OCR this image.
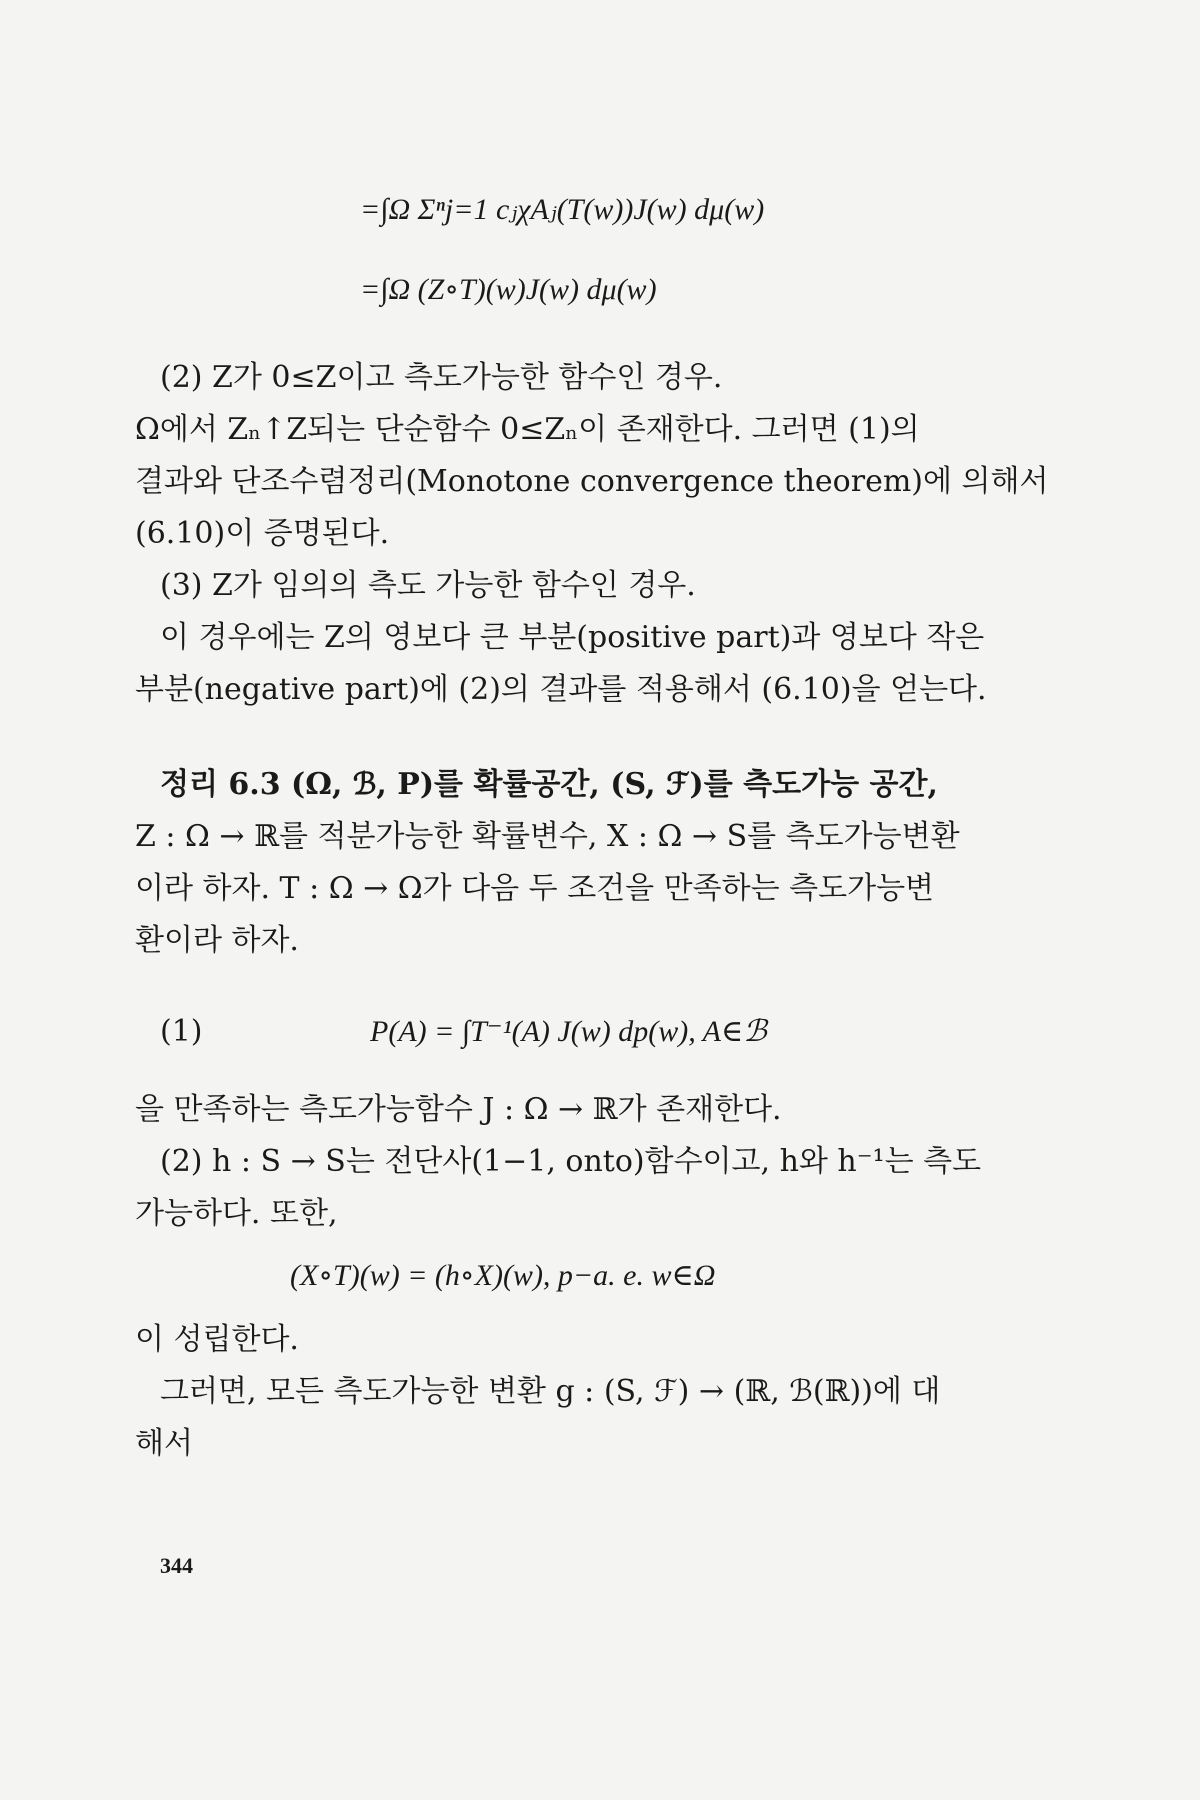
=∫Ω Σⁿj=1 cⱼχAⱼ(T(w))J(w) dμ(w)
=∫Ω (Z∘T)(w)J(w) dμ(w)
(2) Z가 0≤Z이고 측도가능한 함수인 경우.
Ω에서 Zₙ↑Z되는 단순함수 0≤Zₙ이 존재한다. 그러면 (1)의
결과와 단조수렴정리(Monotone convergence theorem)에 의해서
(6.10)이 증명된다.
(3) Z가 임의의 측도 가능한 함수인 경우.
이 경우에는 Z의 영보다 큰 부분(positive part)과 영보다 작은
부분(negative part)에 (2)의 결과를 적용해서 (6.10)을 얻는다.
정리 6.3 (Ω, ℬ, P)를 확률공간, (S, ℱ)를 측도가능 공간,
Z : Ω → ℝ를 적분가능한 확률변수, X : Ω → S를 측도가능변환
이라 하자. T : Ω → Ω가 다음 두 조건을 만족하는 측도가능변
환이라 하자.
(1)	P(A) = ∫T⁻¹(A) J(w) dp(w), A∈ℬ
을 만족하는 측도가능함수 J : Ω → ℝ가 존재한다.
(2) h : S → S는 전단사(1−1, onto)함수이고, h와 h⁻¹는 측도
가능하다. 또한,
(X∘T)(w) = (h∘X)(w), p−a. e. w∈Ω
이 성립한다.
그러면, 모든 측도가능한 변환 g : (S, ℱ) → (ℝ, ℬ(ℝ))에 대
해서
344
